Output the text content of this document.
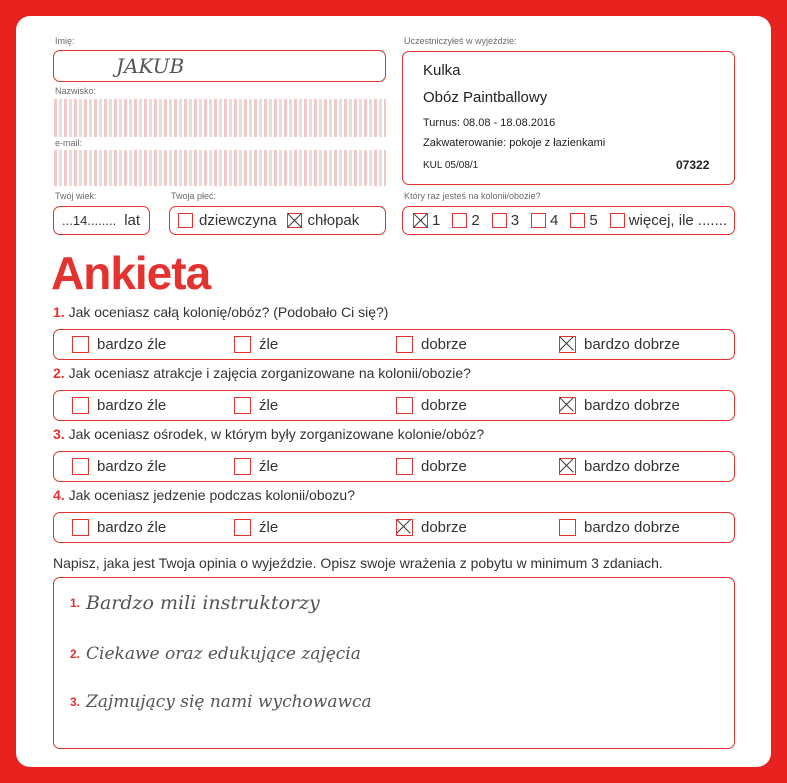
Imię:
JAKUB
Nazwisko:
e-mail:
Twój wiek:
...14........ lat
Twoja płeć:
dziewczyna chłopak
Uczestniczyłeś w wyjeździe:
Kulka
Obóz Paintballowy
Turnus: 08.08 - 18.08.2016
Zakwaterowanie: pokoje z łazienkami
KUL 05/08/1	07322
Który raz jesteś na kolonii/obozie?
1 2 3 4 5 więcej, ile .......
Ankieta
1. Jak oceniasz całą kolonię/obóz? (Podobało Ci się?)
bardzo źle	źle	dobrze	bardzo dobrze
2. Jak oceniasz atrakcje i zajęcia zorganizowane na kolonii/obozie?
bardzo źle	źle	dobrze	bardzo dobrze
3. Jak oceniasz ośrodek, w którym były zorganizowane kolonie/obóz?
bardzo źle	źle	dobrze	bardzo dobrze
4. Jak oceniasz jedzenie podczas kolonii/obozu?
bardzo źle	źle	dobrze	bardzo dobrze
Napisz, jaka jest Twoja opinia o wyjeździe. Opisz swoje wrażenia z pobytu w minimum 3 zdaniach.
1. Bardzo mili instruktorzy
2. Ciekawe oraz edukujące zajęcia
3. Zajmujący się nami wychowawca
